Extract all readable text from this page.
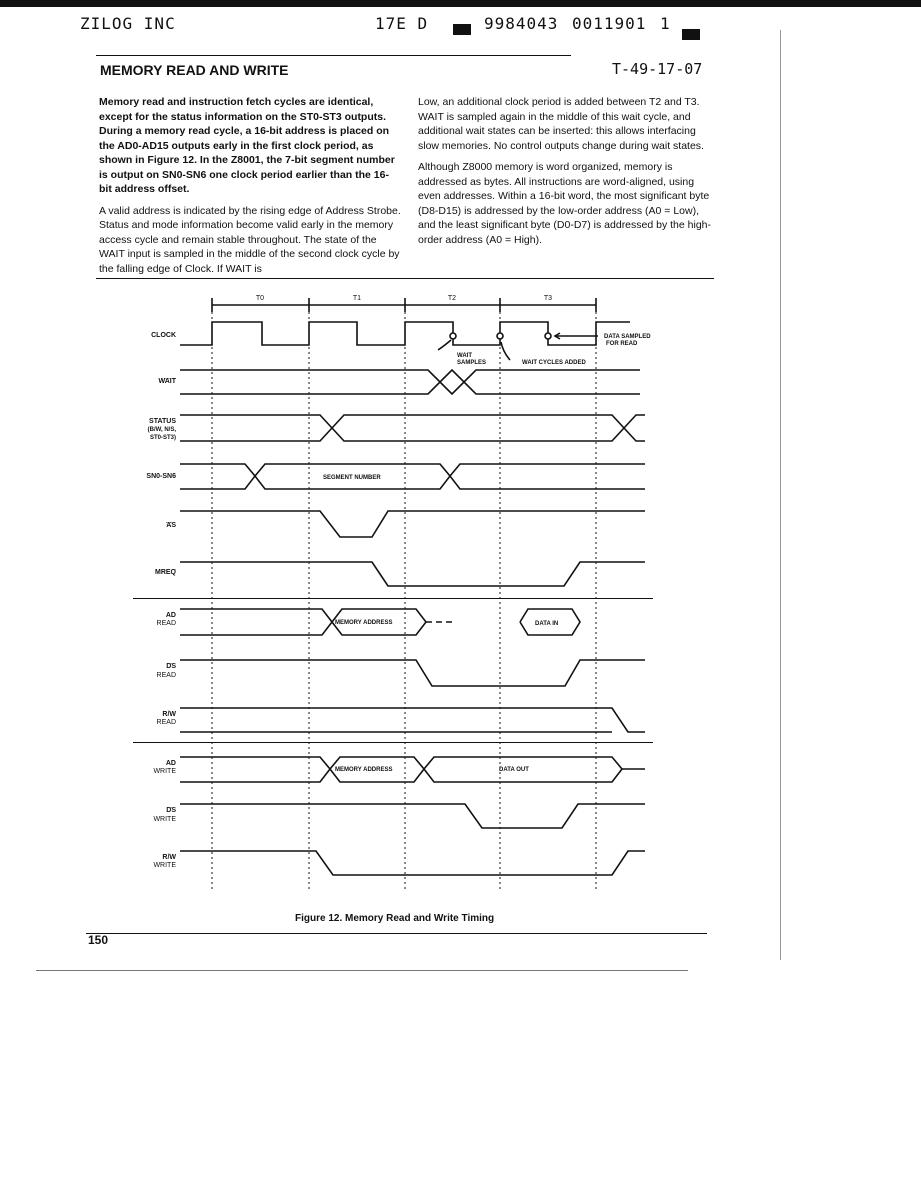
ZILOG INC	17E D	9984043 0011901 1
MEMORY READ AND WRITE	T-49-17-07

Memory read and instruction fetch cycles are identical, except for the status information on the ST0-ST3 outputs. During a memory read cycle, a 16-bit address is placed on the AD0-AD15 outputs early in the first clock period, as shown in Figure 12. In the Z8001, the 7-bit segment number is output on SN0-SN6 one clock period earlier than the 16-bit address offset.

A valid address is indicated by the rising edge of Address Strobe. Status and mode information become valid early in the memory access cycle and remain stable throughout. The state of the WAIT input is sampled in the middle of the second clock cycle by the falling edge of Clock. If WAIT is

Low, an additional clock period is added between T2 and T3. WAIT is sampled again in the middle of this wait cycle, and additional wait states can be inserted: this allows interfacing slow memories. No control outputs change during wait states.

Although Z8000 memory is word organized, memory is addressed as bytes. All instructions are word-aligned, using even addresses. Within a 16-bit word, the most significant byte (D8-D15) is addressed by the low-order address (A0 = Low), and the least significant byte (D0-D7) is addressed by the high-order address (A0 = High).

T0	T1	T2	T3
CLOCK
WAIT
STATUS
(B/W, N/S,
ST0-ST3)
SN0-SN6
AS
MREQ
AD
READ
DS
READ
R/W
READ
AD
WRITE
DS
WRITE
R/W
WRITE
DATA SAMPLED
FOR READ
WAIT
SAMPLES	WAIT CYCLES ADDED
SEGMENT NUMBER
MEMORY ADDRESS	DATA IN
MEMORY ADDRESS	DATA OUT
Figure 12. Memory Read and Write Timing
150
